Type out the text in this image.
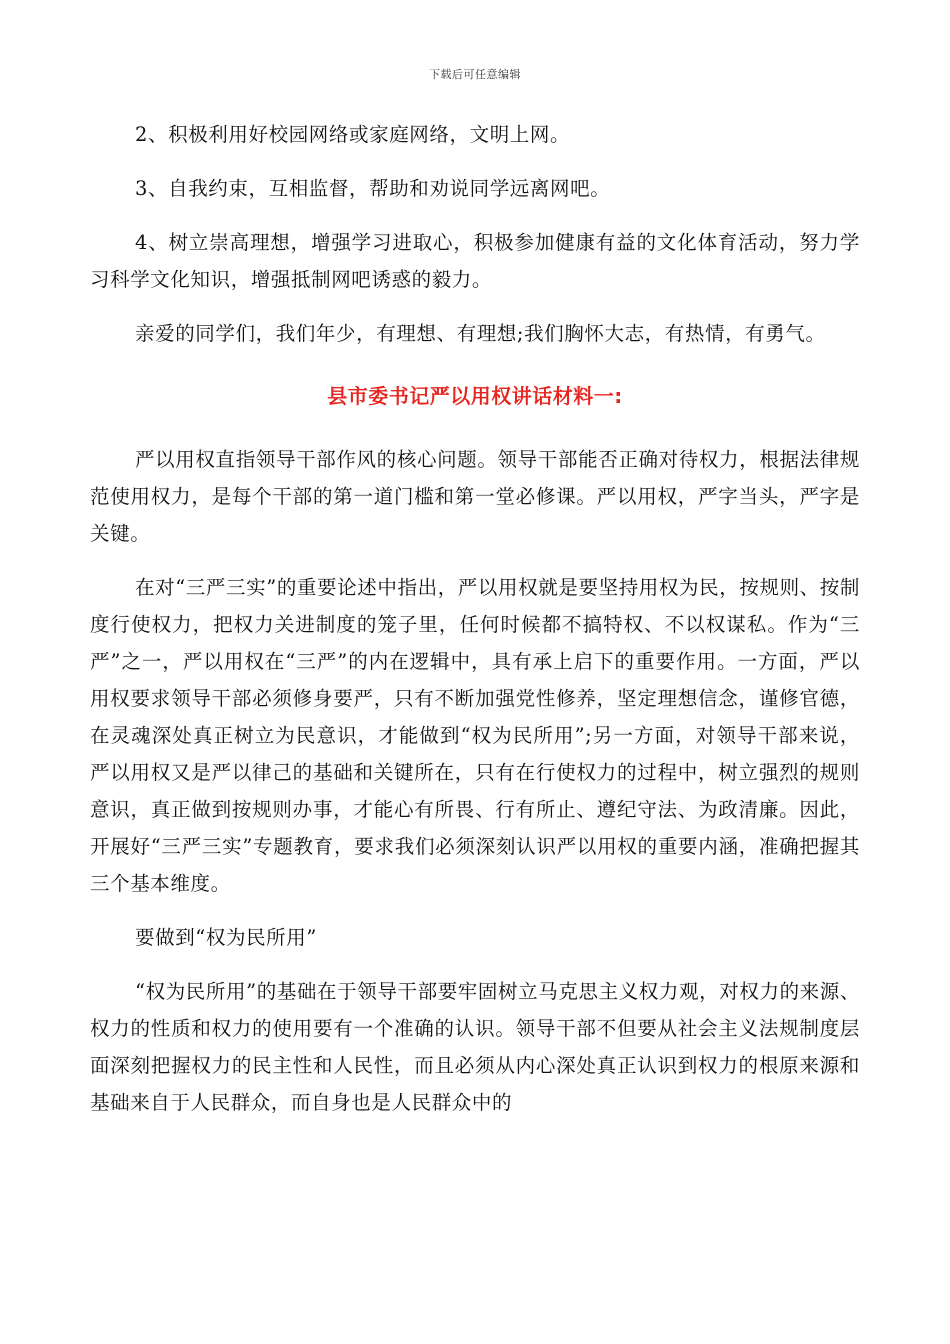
下载后可任意编辑

2、积极利用好校园网络或家庭网络，文明上网。

3、自我约束，互相监督，帮助和劝说同学远离网吧。

4、树立崇高理想，增强学习进取心，积极参加健康有益的文化体育活动，努力学习科学文化知识，增强抵制网吧诱惑的毅力。

亲爱的同学们，我们年少，有理想、有理想;我们胸怀大志，有热情，有勇气。

县市委书记严以用权讲话材料一:

严以用权直指领导干部作风的核心问题。领导干部能否正确对待权力，根据法律规范使用权力，是每个干部的第一道门槛和第一堂必修课。严以用权，严字当头，严字是关键。

在对“三严三实”的重要论述中指出，严以用权就是要坚持用权为民，按规则、按制度行使权力，把权力关进制度的笼子里，任何时候都不搞特权、不以权谋私。作为“三严”之一，严以用权在“三严”的内在逻辑中，具有承上启下的重要作用。一方面，严以用权要求领导干部必须修身要严，只有不断加强党性修养，坚定理想信念，谨修官德，在灵魂深处真正树立为民意识，才能做到“权为民所用”;另一方面，对领导干部来说，严以用权又是严以律己的基础和关键所在，只有在行使权力的过程中，树立强烈的规则意识，真正做到按规则办事，才能心有所畏、行有所止、遵纪守法、为政清廉。因此，开展好“三严三实”专题教育，要求我们必须深刻认识严以用权的重要内涵，准确把握其三个基本维度。

要做到“权为民所用”

“权为民所用”的基础在于领导干部要牢固树立马克思主义权力观，对权力的来源、权力的性质和权力的使用要有一个准确的认识。领导干部不但要从社会主义法规制度层面深刻把握权力的民主性和人民性，而且必须从内心深处真正认识到权力的根原来源和基础来自于人民群众，而自身也是人民群众中的
